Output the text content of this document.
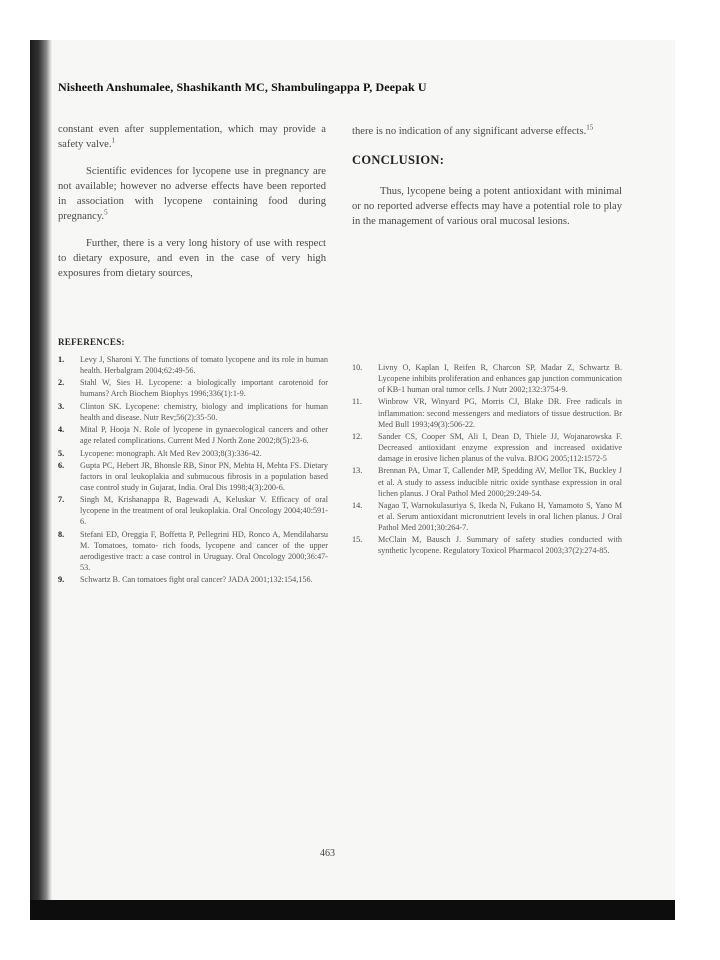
Nisheeth Anshumalee, Shashikanth MC, Shambulingappa P, Deepak U

constant even after supplementation, which may provide a safety valve.$^1$

Scientific evidences for lycopene use in pregnancy are not available; however no adverse effects have been reported in association with lycopene containing food during pregnancy.$^5$

Further, there is a very long history of use with respect to dietary exposure, and even in the case of very high exposures from dietary sources,

there is no indication of any significant adverse effects.$^{15}$

CONCLUSION:

Thus, lycopene being a potent antioxidant with minimal or no reported adverse effects may have a potential role to play in the management of various oral mucosal lesions.

REFERENCES:
1.	Levy J, Sharoni Y. The functions of tomato lycopene and its role in human health. Herbalgram 2004;62:49-56.
2.	Stahl W, Sies H. Lycopene: a biologically important carotenoid for humans? Arch Biochem Biophys 1996;336(1):1-9.
3.	Clinton SK. Lycopene: chemistry, biology and implications for human health and disease. Nutr Rev;56(2):35-50.
4.	Mital P, Hooja N. Role of lycopene in gynaecological cancers and other age related complications. Current Med J North Zone 2002;8(5):23-6.
5.	Lycopene: monograph. Alt Med Rev 2003;8(3):336-42.
6.	Gupta PC, Hebert JR, Bhonsle RB, Sinor PN, Mehta H, Mehta FS. Dietary factors in oral leukoplakia and submucous fibrosis in a population based case control study in Gujarat, India. Oral Dis 1998;4(3):200-6.
7.	Singh M, Krishanappa R, Bagewadi A, Keluskar V. Efficacy of oral lycopene in the treatment of oral leukoplakia. Oral Oncology 2004;40:591-6.
8.	Stefani ED, Oreggia F, Boffetta P, Pellegrini HD, Ronco A, Mendilaharsu M. Tomatoes, tomato- rich foods, lycopene and cancer of the upper aerodigestive tract: a case control in Uruguay. Oral Oncology 2000;36:47-53.
9.	Schwartz B. Can tomatoes fight oral cancer? JADA 2001;132:154,156.
10.	Livny O, Kaplan I, Reifen R, Charcon SP, Madar Z, Schwartz B. Lycopene inhibits proliferation and enhances gap junction communication of KB-1 human oral tumor cells. J Nutr 2002;132:3754-9.
11.	Winbrow VR, Winyard PG, Morris CJ, Blake DR. Free radicals in inflammation: second messengers and mediators of tissue destruction. Br Med Bull 1993;49(3):506-22.
12.	Sander CS, Cooper SM, Ali I, Dean D, Thiele JJ, Wojanarowska F. Decreased antioxidant enzyme expression and increased oxidative damage in erosive lichen planus of the vulva. BJOG 2005;112:1572-5
13.	Brennan PA, Umar T, Callender MP, Spedding AV, Mellor TK, Buckley J et al. A study to assess inducible nitric oxide synthase expression in oral lichen planus. J Oral Pathol Med 2000;29:249-54.
14.	Nagao T, Warnokulasuriya S, Ikeda N, Fukano H, Yamamoto S, Yano M et al. Serum antioxidant micronutrient levels in oral lichen planus. J Oral Pathol Med 2001;30:264-7.
15.	McClain M, Bausch J. Summary of safety studies conducted with synthetic lycopene. Regulatory Toxicol Pharmacol 2003;37(2):274-85.
463
